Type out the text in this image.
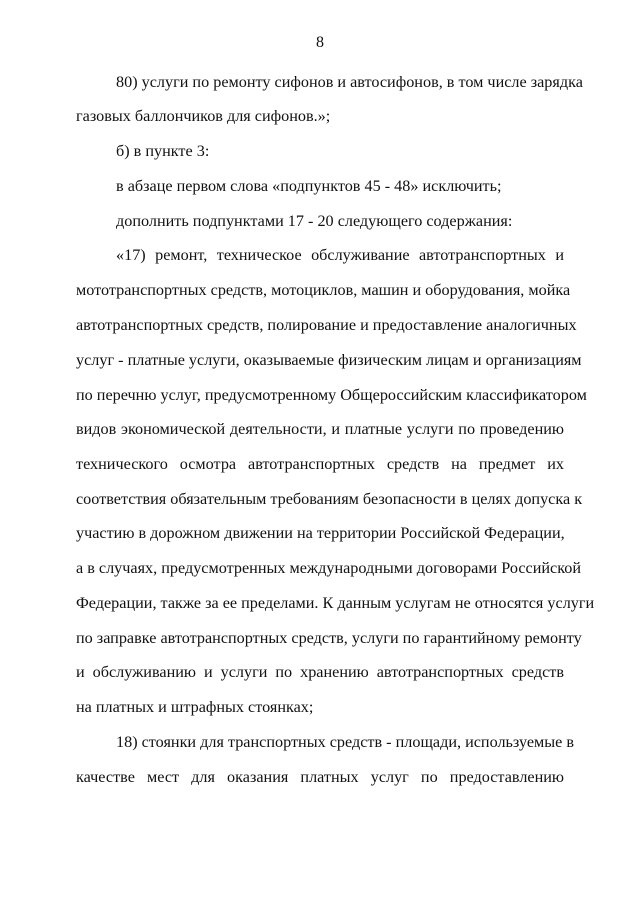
8
80) услуги по ремонту сифонов и автосифонов, в том числе зарядка
газовых баллончиков для сифонов.»;
б) в пункте 3:
в абзаце первом слова «подпунктов 45 - 48» исключить;
дополнить подпунктами 17 - 20 следующего содержания:
«17) ремонт, техническое обслуживание автотранспортных и
мототранспортных средств, мотоциклов, машин и оборудования, мойка
автотранспортных средств, полирование и предоставление аналогичных
услуг - платные услуги, оказываемые физическим лицам и организациям
по перечню услуг, предусмотренному Общероссийским классификатором
видов экономической деятельности, и платные услуги по проведению
технического осмотра автотранспортных средств на предмет их
соответствия обязательным требованиям безопасности в целях допуска к
участию в дорожном движении на территории Российской Федерации,
а в случаях, предусмотренных международными договорами Российской
Федерации, также за ее пределами. К данным услугам не относятся услуги
по заправке автотранспортных средств, услуги по гарантийному ремонту
и обслуживанию и услуги по хранению автотранспортных средств
на платных и штрафных стоянках;
18) стоянки для транспортных средств - площади, используемые в
качестве мест для оказания платных услуг по предоставлению
